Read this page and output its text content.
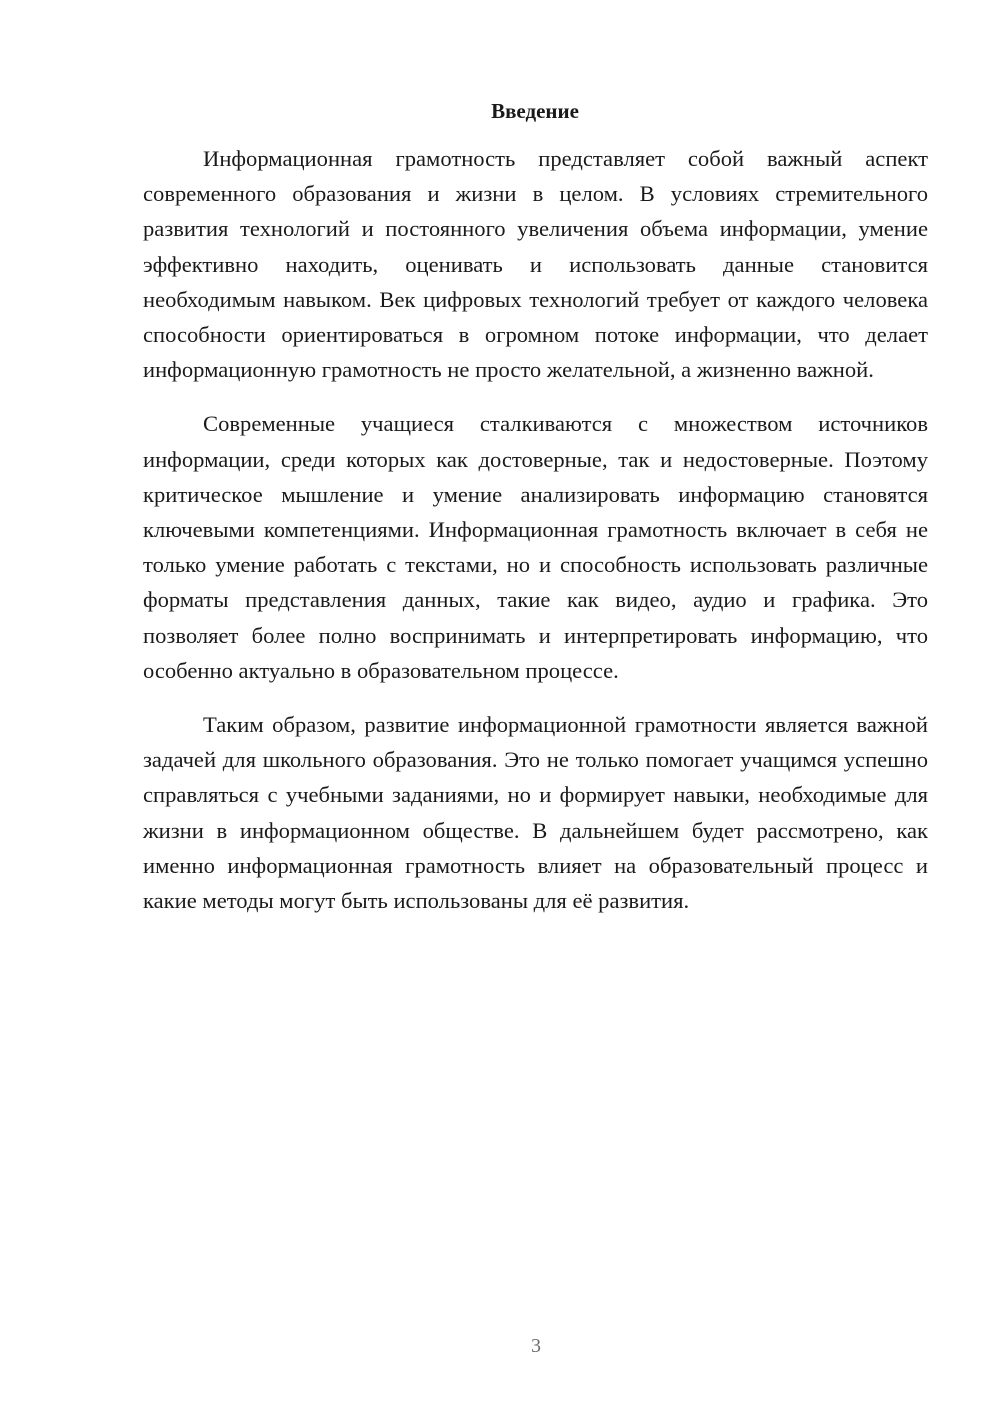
Введение

Информационная грамотность представляет собой важный аспект современного образования и жизни в целом. В условиях стремительного развития технологий и постоянного увеличения объема информации, умение эффективно находить, оценивать и использовать данные становится необходимым навыком. Век цифровых технологий требует от каждого человека способности ориентироваться в огромном потоке информации, что делает информационную грамотность не просто желательной, а жизненно важной.

Современные учащиеся сталкиваются с множеством источников информации, среди которых как достоверные, так и недостоверные. Поэтому критическое мышление и умение анализировать информацию становятся ключевыми компетенциями. Информационная грамотность включает в себя не только умение работать с текстами, но и способность использовать различные форматы представления данных, такие как видео, аудио и графика. Это позволяет более полно воспринимать и интерпретировать информацию, что особенно актуально в образовательном процессе.

Таким образом, развитие информационной грамотности является важной задачей для школьного образования. Это не только помогает учащимся успешно справляться с учебными заданиями, но и формирует навыки, необходимые для жизни в информационном обществе. В дальнейшем будет рассмотрено, как именно информационная грамотность влияет на образовательный процесс и какие методы могут быть использованы для её развития.

3
